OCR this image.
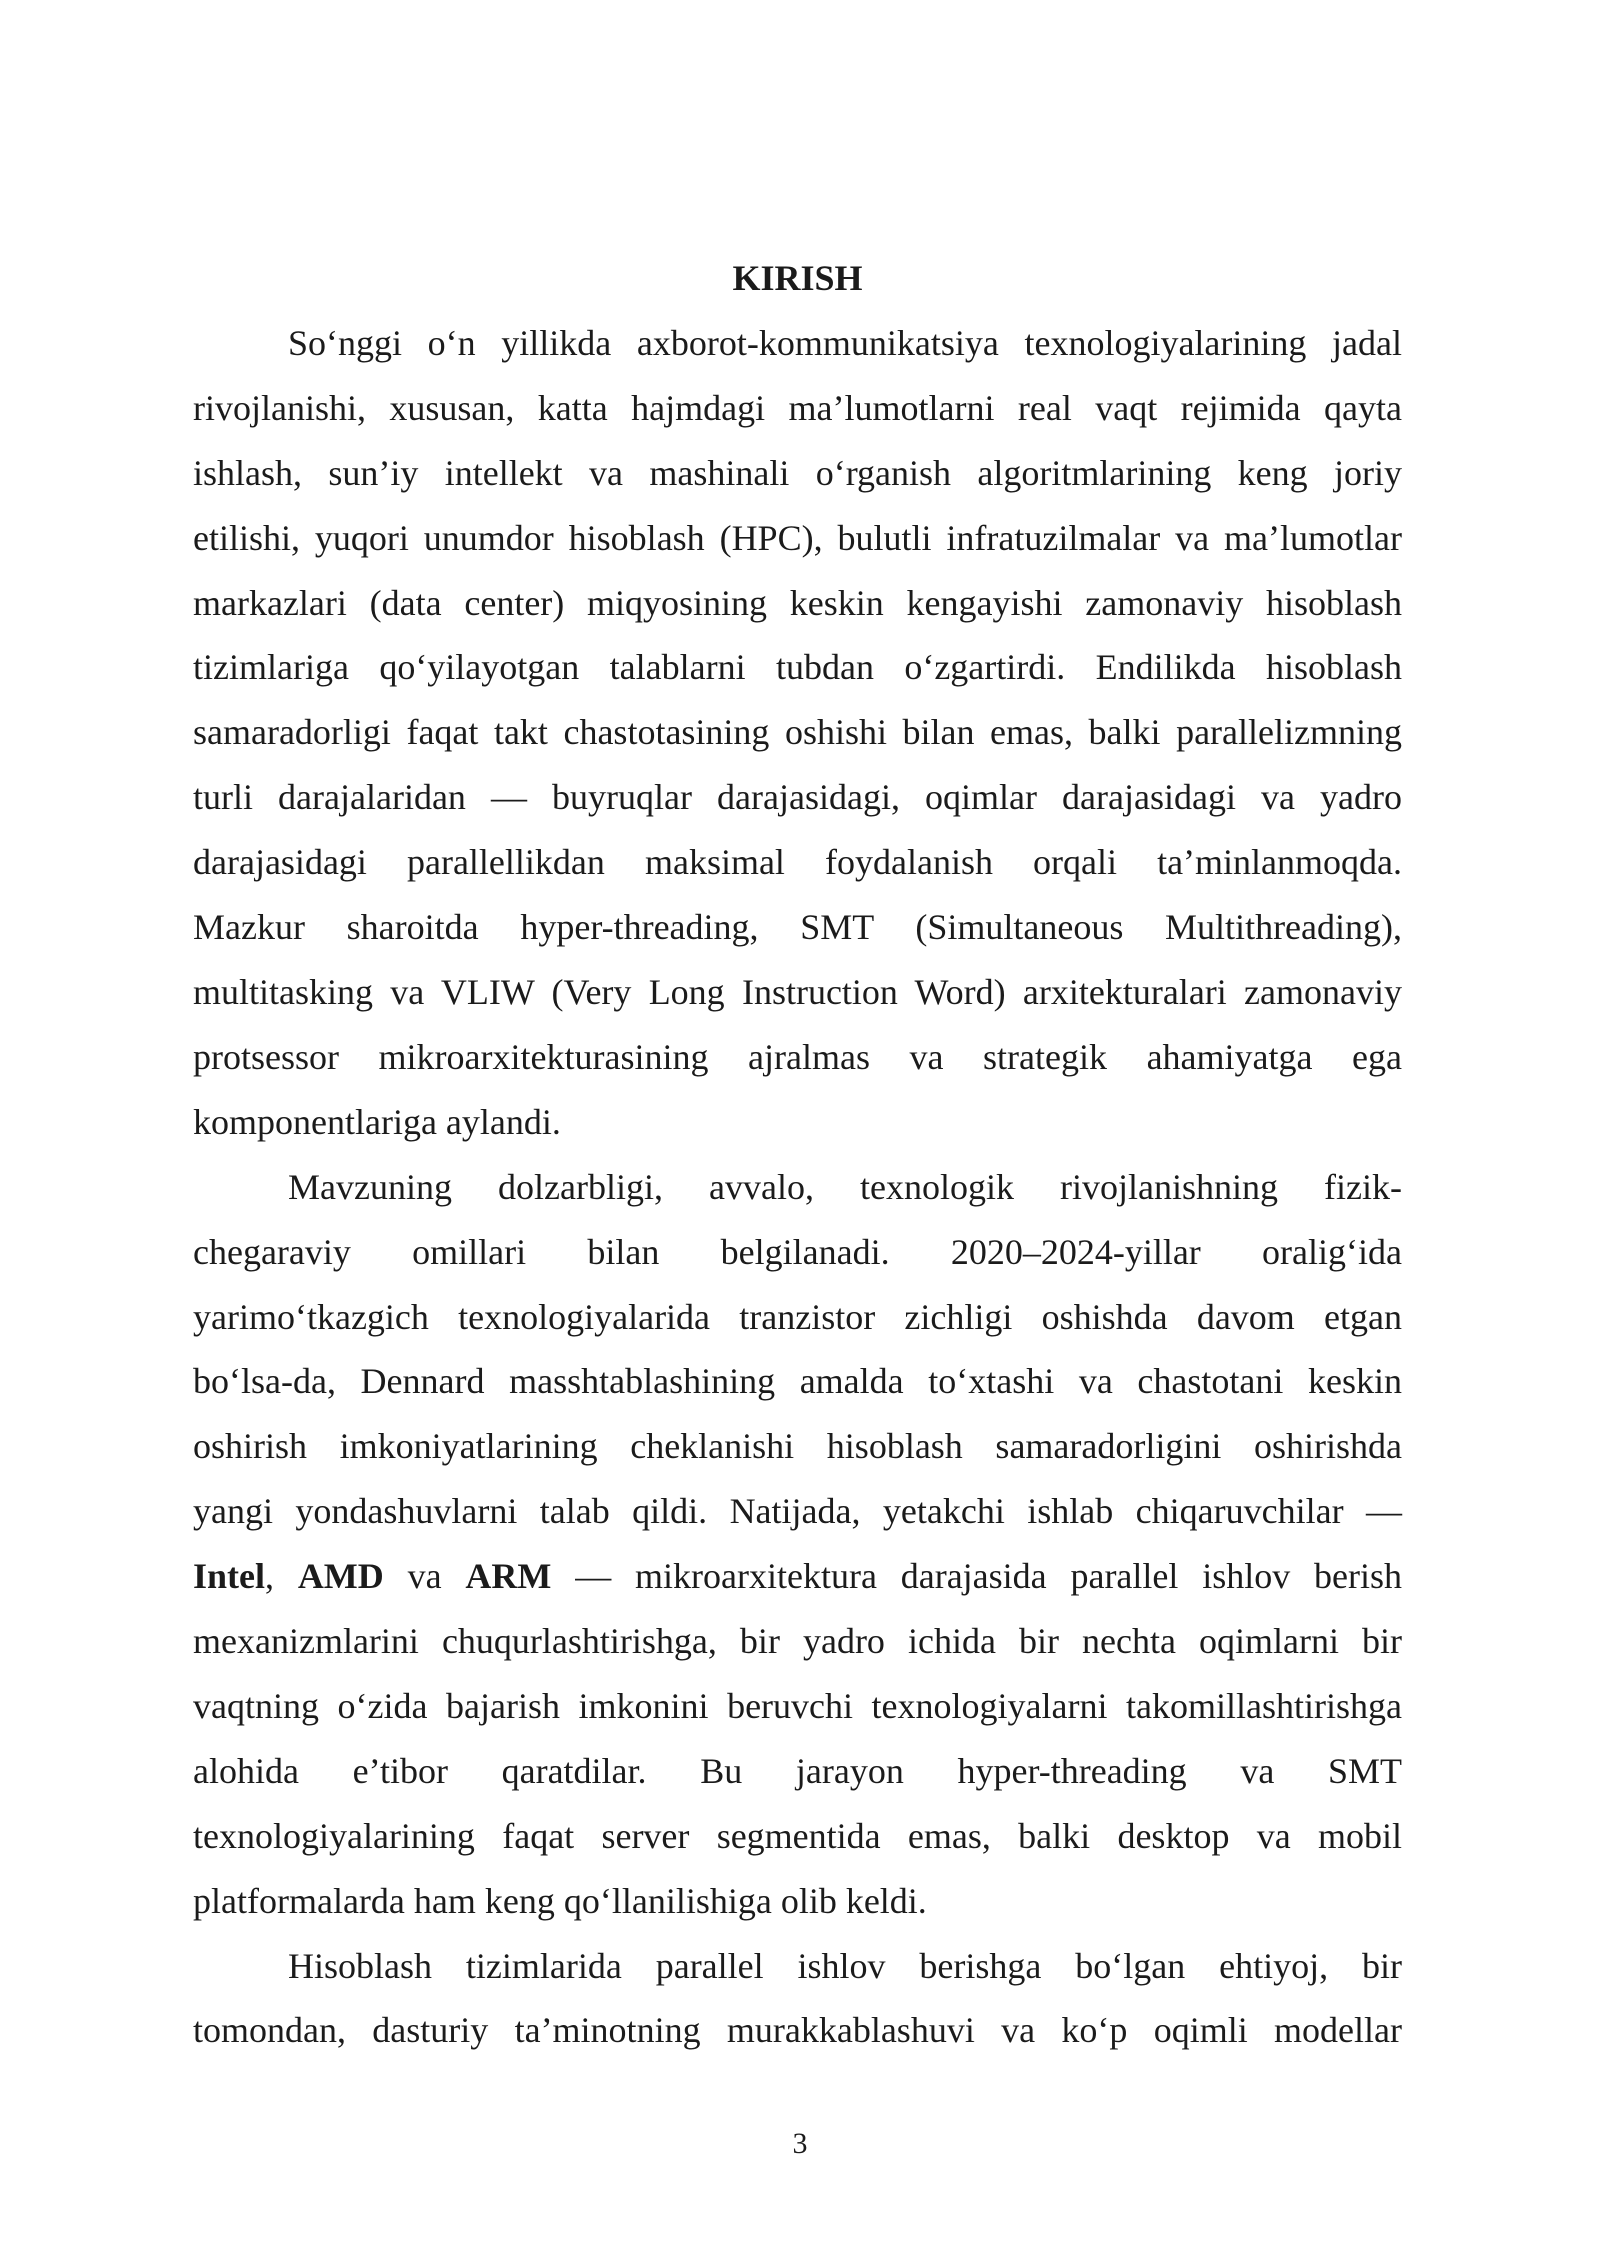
KIRISH
So‘nggi o‘n yillikda axborot-kommunikatsiya texnologiyalarining jadal
rivojlanishi, xususan, katta hajmdagi ma’lumotlarni real vaqt rejimida qayta
ishlash, sun’iy intellekt va mashinali o‘rganish algoritmlarining keng joriy
etilishi, yuqori unumdor hisoblash (HPC), bulutli infratuzilmalar va ma’lumotlar
markazlari (data center) miqyosining keskin kengayishi zamonaviy hisoblash
tizimlariga qo‘yilayotgan talablarni tubdan o‘zgartirdi. Endilikda hisoblash
samaradorligi faqat takt chastotasining oshishi bilan emas, balki parallelizmning
turli darajalaridan — buyruqlar darajasidagi, oqimlar darajasidagi va yadro
darajasidagi parallellikdan maksimal foydalanish orqali ta’minlanmoqda.
Mazkur sharoitda hyper-threading, SMT (Simultaneous Multithreading),
multitasking va VLIW (Very Long Instruction Word) arxitekturalari zamonaviy
protsessor mikroarxitekturasining ajralmas va strategik ahamiyatga ega
komponentlariga aylandi.
Mavzuning dolzarbligi, avvalo, texnologik rivojlanishning fizik-
chegaraviy omillari bilan belgilanadi. 2020–2024-yillar oralig‘ida
yarimo‘tkazgich texnologiyalarida tranzistor zichligi oshishda davom etgan
bo‘lsa-da, Dennard masshtablashining amalda to‘xtashi va chastotani keskin
oshirish imkoniyatlarining cheklanishi hisoblash samaradorligini oshirishda
yangi yondashuvlarni talab qildi. Natijada, yetakchi ishlab chiqaruvchilar —
Intel, AMD va ARM — mikroarxitektura darajasida parallel ishlov berish
mexanizmlarini chuqurlashtirishga, bir yadro ichida bir nechta oqimlarni bir
vaqtning o‘zida bajarish imkonini beruvchi texnologiyalarni takomillashtirishga
alohida e’tibor qaratdilar. Bu jarayon hyper-threading va SMT
texnologiyalarining faqat server segmentida emas, balki desktop va mobil
platformalarda ham keng qo‘llanilishiga olib keldi.
Hisoblash tizimlarida parallel ishlov berishga bo‘lgan ehtiyoj, bir
tomondan, dasturiy ta’minotning murakkablashuvi va ko‘p oqimli modellar
3
